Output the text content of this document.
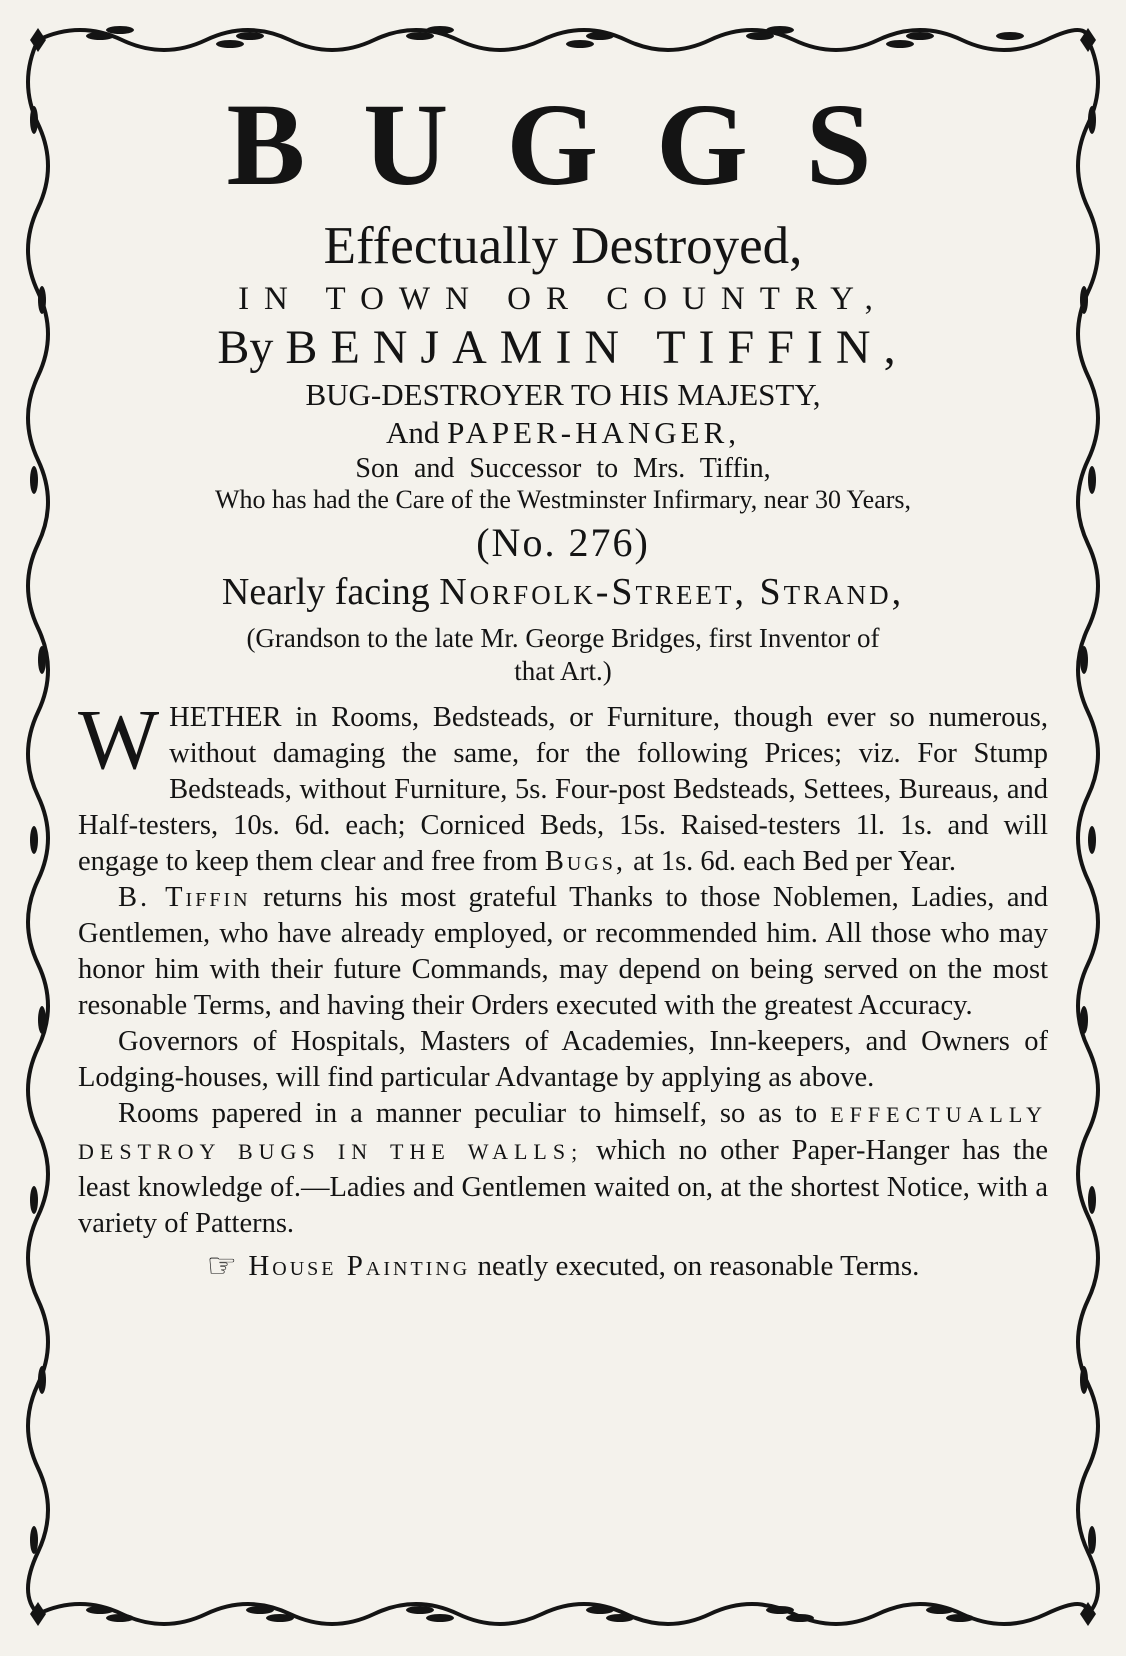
BUGGS
Effectually Destroyed,
IN TOWN OR COUNTRY,
By BENJAMIN TIFFIN,
BUG-DESTROYER TO HIS MAJESTY,
And PAPER-HANGER,
Son and Successor to Mrs. Tiffin,
Who has had the Care of the Westminster Infirmary, near 30 Years,
(No. 276)
Nearly facing Norfolk-Street, Strand,
(Grandson to the late Mr. George Bridges, first Inventor of
that Art.)

W HETHER in Rooms, Bedsteads, or Furniture, though ever so numerous, without damaging the same, for the following Prices; viz. For Stump Bedsteads, without Furniture, 5s. Four-post Bedsteads, Settees, Bureaus, and Half-testers, 10s. 6d. each; Corniced Beds, 15s. Raised-testers 1l. 1s. and will engage to keep them clear and free from Bugs, at 1s. 6d. each Bed per Year.

B. Tiffin returns his most grateful Thanks to those Noblemen, Ladies, and Gentlemen, who have already employed, or recommended him. All those who may honor him with their future Commands, may depend on being served on the most resonable Terms, and having their Orders executed with the greatest Accuracy.

Governors of Hospitals, Masters of Academies, Inn-keepers, and Owners of Lodging-houses, will find particular Advantage by applying as above.

Rooms papered in a manner peculiar to himself, so as to EFFECTUALLY DESTROY BUGS IN THE WALLS; which no other Paper-Hanger has the least knowledge of.—Ladies and Gentlemen waited on, at the shortest Notice, with a variety of Patterns.

☞ House Painting neatly executed, on reasonable Terms.
